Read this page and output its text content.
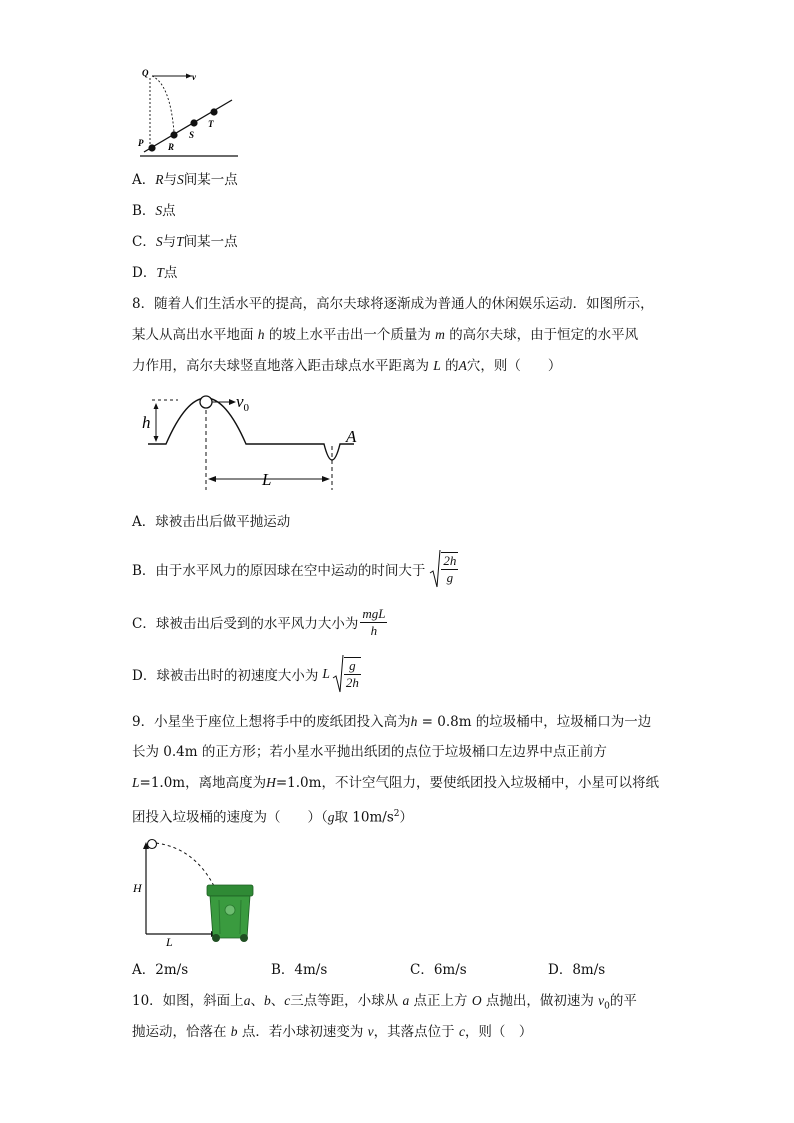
Q	v
P	R
S
T
A．R与S间某一点
B．S点
C．S与T间某一点
D．T点
8．随着人们生活水平的提高，高尔夫球将逐渐成为普通人的休闲娱乐运动．如图所示，
某人从高出水平地面 h 的坡上水平击出一个质量为 m 的高尔夫球，由于恒定的水平风
力作用，高尔夫球竖直地落入距击球点水平距离为 L 的A穴，则（　　）
h
$v_0$
A
L
A．球被击出后做平抛运动
B．由于水平风力的原因球在空中运动的时间大于 $\frac{2h}{g}$
C．球被击出后受到的水平风力大小为 $\frac{\text{mgL}}{h}$
D．球被击出时的初速度大小为 L $\frac{g}{2h}$
9．小星坐于座位上想将手中的废纸团投入高为h = 0.8m 的垃圾桶中，垃圾桶口为一边
长为 0.4m 的正方形；若小星水平抛出纸团的点位于垃圾桶口左边界中点正前方
L=1.0m，离地高度为H=1.0m，不计空气阻力，要使纸团投入垃圾桶中，小星可以将纸
团投入垃圾桶的速度为（　　）（g取 $10m/s^2$）
H
L
A．2m/s	B．4m/s	C．6m/s	D．8m/s
10．如图，斜面上a、b、c三点等距，小球从 a 点正上方 O 点抛出，做初速为 $v_0$的平
抛运动，恰落在 b 点．若小球初速变为 v，其落点位于 c，则（　）
